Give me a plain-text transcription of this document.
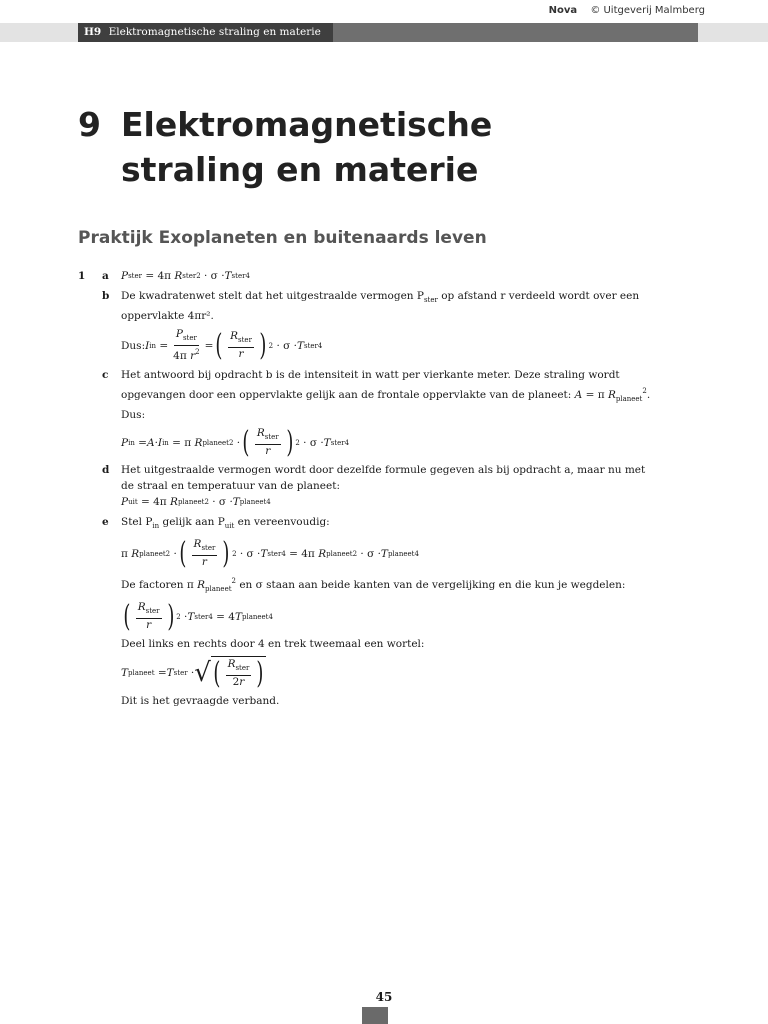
Nova © Uitgeverij Malmberg
H9 Elektromagnetische straling en materie
9 Elektromagnetische
straling en materie
Praktijk Exoplaneten en buitenaards leven
1 a P ster = 4π R ster 2 · σ · T ster 4
b De kwadratenwet stelt dat het uitgestraalde vermogen $P_{ster}$ op afstand r verdeeld wordt over een
oppervlakte 4πr².
Dus: I in = $\frac{P_{ster}}{4\pi r^2}$ = ( $\frac{R_{ster}}{r}$ ) 2 · σ · T ster 4
c Het antwoord bij opdracht b is de intensiteit in watt per vierkante meter. Deze straling wordt
opgevangen door een oppervlakte gelijk aan de frontale oppervlakte van de planeet: A = π $R_{planeet}^2$.
Dus:
P in = A · I in = π R planeet 2 · ( $\frac{R_{ster}}{r}$ ) 2 · σ · T ster 4
d Het uitgestraalde vermogen wordt door dezelfde formule gegeven als bij opdracht a, maar nu met
de straal en temperatuur van de planeet:
P uit = 4π R planeet 2 · σ · T planeet 4
e Stel $P_{in}$ gelijk aan $P_{uit}$ en vereenvoudig:
π R planeet 2 · ( $\frac{R_{ster}}{r}$ ) 2 · σ · T ster 4 = 4π R planeet 2 · σ · T planeet 4
De factoren π $R_{planeet}^2$ en σ staan aan beide kanten van de vergelijking en die kun je wegdelen:
( $\frac{R_{ster}}{r}$ ) 2 · T ster 4 = 4 T planeet 4
Deel links en rechts door 4 en trek tweemaal een wortel:
T planeet = T ster · √ ( $\frac{R_{ster}}{2r}$ )
Dit is het gevraagde verband.
45
